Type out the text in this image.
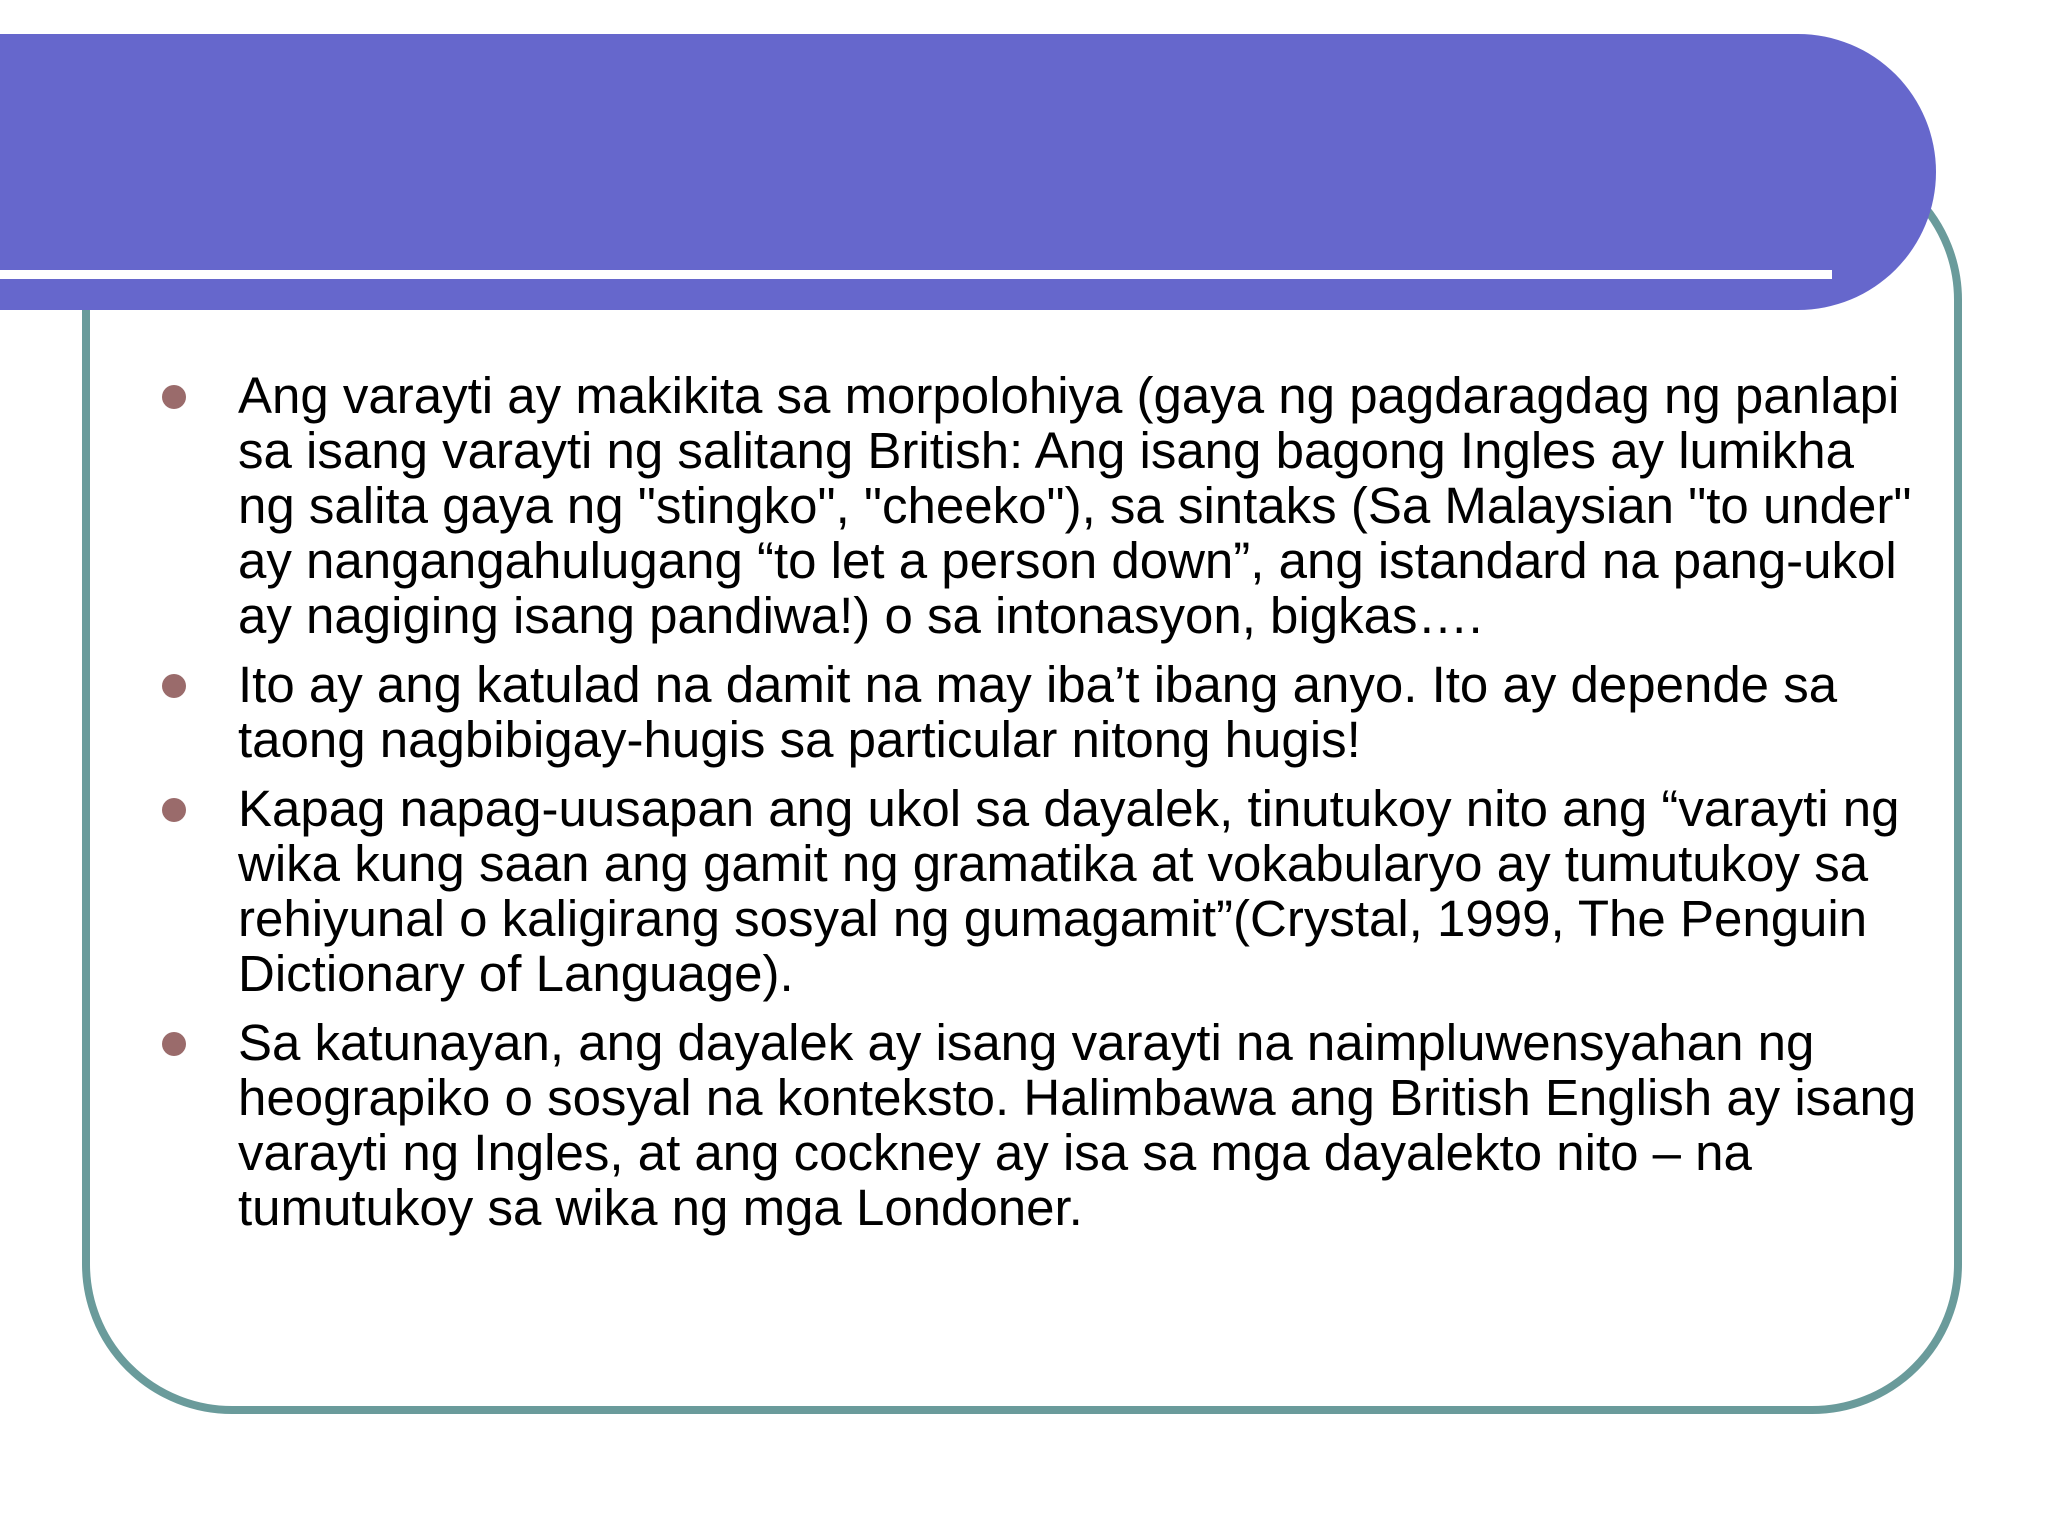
Ang varayti ay makikita sa morpolohiya (gaya ng pagdaragdag ng panlapi sa isang varayti ng salitang British: Ang isang bagong Ingles ay lumikha ng salita gaya ng "stingko", "cheeko"), sa sintaks (Sa Malaysian "to under" ay nangangahulugang “to let a person down”, ang istandard na pang-ukol ay nagiging isang pandiwa!) o sa intonasyon, bigkas….
Ito ay ang katulad na damit na may iba’t ibang anyo. Ito ay depende sa taong nagbibigay-hugis sa particular nitong hugis!
Kapag napag-uusapan ang ukol sa dayalek, tinutukoy nito ang “varayti ng wika kung saan ang gamit ng gramatika at vokabularyo ay tumutukoy sa rehiyunal o kaligirang sosyal ng gumagamit”(Crystal, 1999, The Penguin Dictionary of Language).
Sa katunayan, ang dayalek ay isang varayti na naimpluwensyahan ng heograpiko o sosyal na konteksto. Halimbawa ang British English ay isang varayti ng Ingles, at ang cockney ay isa sa mga dayalekto nito – na tumutukoy sa wika ng mga Londoner.
